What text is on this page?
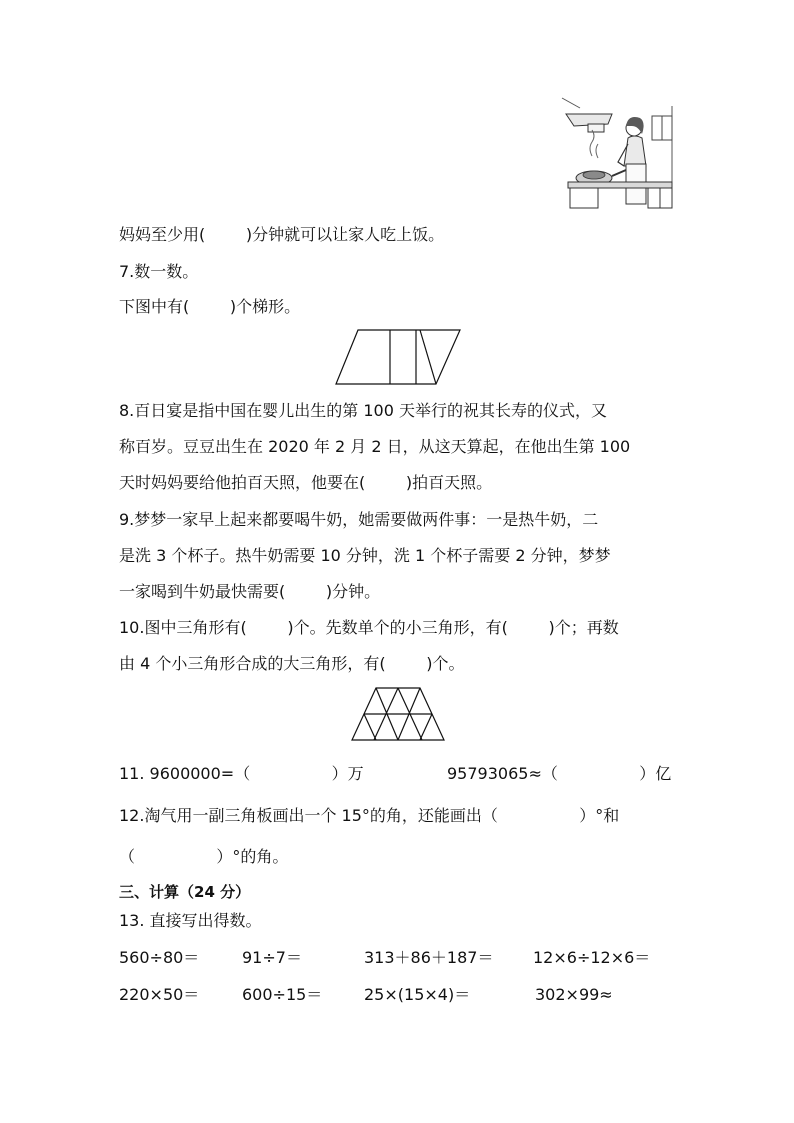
妈妈至少用(        )分钟就可以让家人吃上饭。
7.数一数。
下图中有(        )个梯形。
8.百日宴是指中国在婴儿出生的第 100 天举行的祝其长寿的仪式，又
称百岁。豆豆出生在 2020 年 2 月 2 日，从这天算起，在他出生第 100
天时妈妈要给他拍百天照，他要在(        )拍百天照。
9.梦梦一家早上起来都要喝牛奶，她需要做两件事：一是热牛奶，二
是洗 3 个杯子。热牛奶需要 10 分钟，洗 1 个杯子需要 2 分钟，梦梦
一家喝到牛奶最快需要(        )分钟。
10.图中三角形有(        )个。先数单个的小三角形，有(        )个；再数
由 4 个小三角形合成的大三角形，有(        )个。
11. 9600000=（                ）万	95793065≈（                ）亿
12.淘气用一副三角板画出一个 15°的角，还能画出（                ）°和
（                ）°的角。
三、计算（24 分）
13. 直接写出得数。
560÷80＝	91÷7＝	313＋86＋187＝ 12×6÷12×6＝
220×50＝	600÷15＝	25×(15×4)＝	302×99≈
